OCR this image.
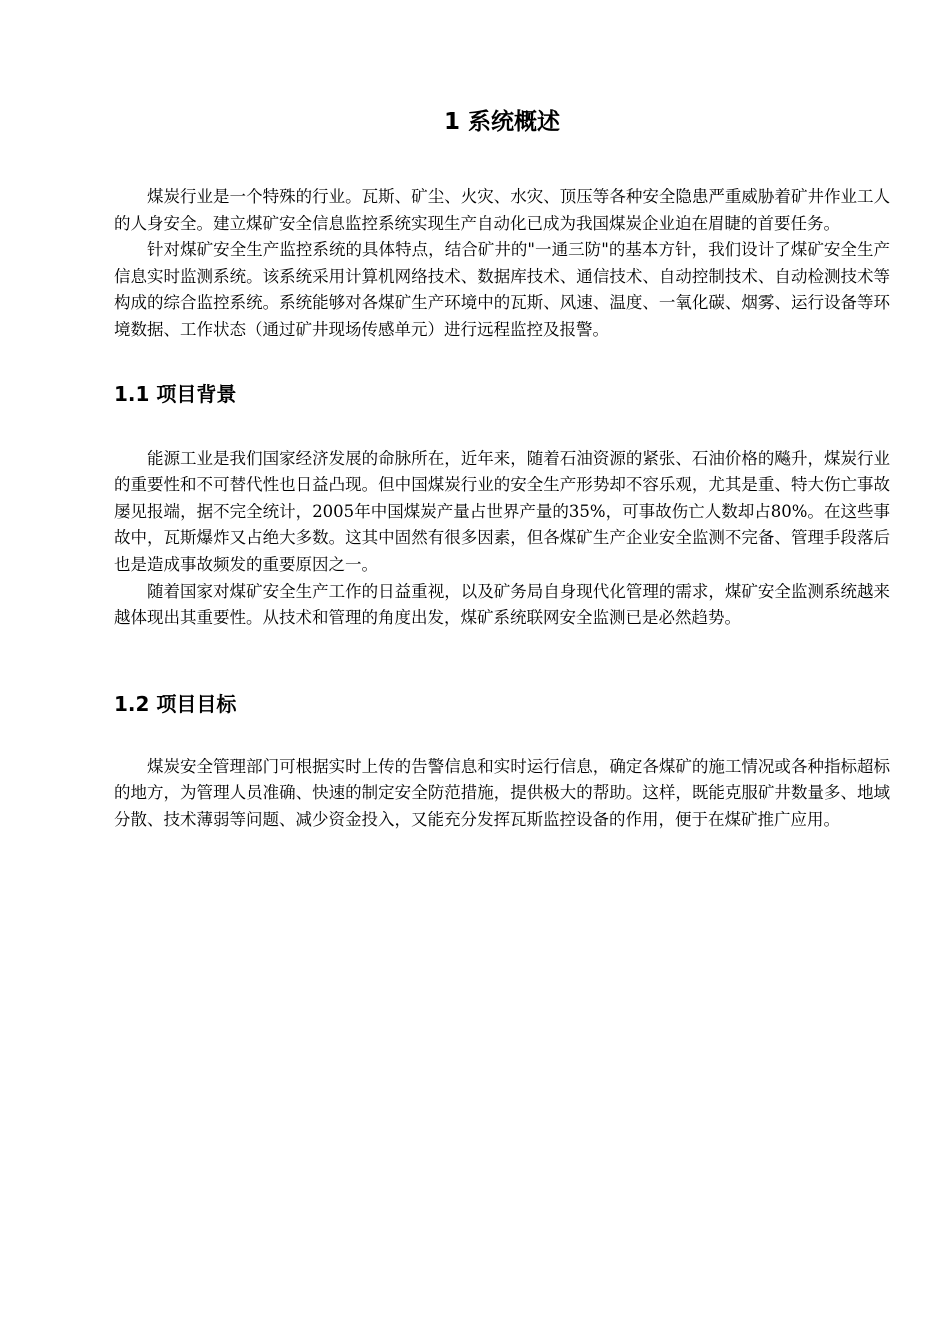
1 系统概述

煤炭行业是一个特殊的行业。瓦斯、矿尘、火灾、水灾、顶压等各种安全隐患严重威胁着矿井作业工人的人身安全。建立煤矿安全信息监控系统实现生产自动化已成为我国煤炭企业迫在眉睫的首要任务。

针对煤矿安全生产监控系统的具体特点，结合矿井的"一通三防"的基本方针，我们设计了煤矿安全生产信息实时监测系统。该系统采用计算机网络技术、数据库技术、通信技术、自动控制技术、自动检测技术等构成的综合监控系统。系统能够对各煤矿生产环境中的瓦斯、风速、温度、一氧化碳、烟雾、运行设备等环境数据、工作状态（通过矿井现场传感单元）进行远程监控及报警。

1.1 项目背景

能源工业是我们国家经济发展的命脉所在，近年来，随着石油资源的紧张、石油价格的飚升，煤炭行业的重要性和不可替代性也日益凸现。但中国煤炭行业的安全生产形势却不容乐观，尤其是重、特大伤亡事故屡见报端，据不完全统计，2005年中国煤炭产量占世界产量的35%，可事故伤亡人数却占80%。在这些事故中，瓦斯爆炸又占绝大多数。这其中固然有很多因素，但各煤矿生产企业安全监测不完备、管理手段落后也是造成事故频发的重要原因之一。

随着国家对煤矿安全生产工作的日益重视，以及矿务局自身现代化管理的需求，煤矿安全监测系统越来越体现出其重要性。从技术和管理的角度出发，煤矿系统联网安全监测已是必然趋势。

1.2 项目目标

煤炭安全管理部门可根据实时上传的告警信息和实时运行信息，确定各煤矿的施工情况或各种指标超标的地方，为管理人员准确、快速的制定安全防范措施，提供极大的帮助。这样，既能克服矿井数量多、地域分散、技术薄弱等问题、减少资金投入，又能充分发挥瓦斯监控设备的作用，便于在煤矿推广应用。
